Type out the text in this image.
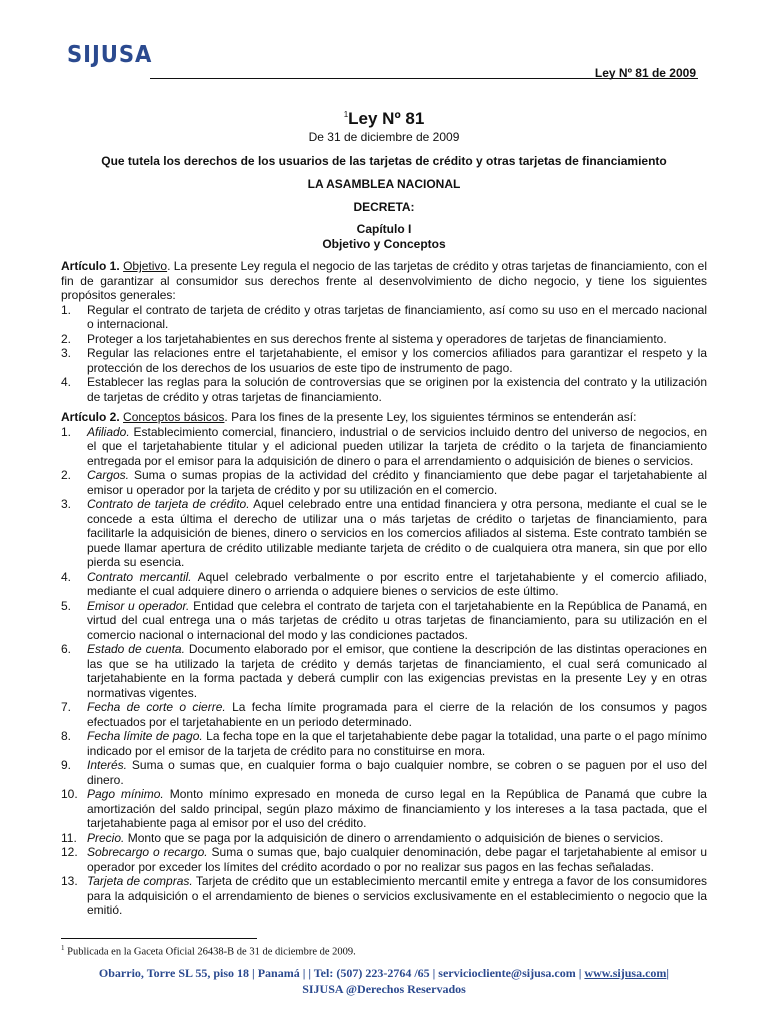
SIJUSA
Ley Nº 81 de 2009
$^1$Ley Nº 81
De 31 de diciembre de 2009
Que tutela los derechos de los usuarios de las tarjetas de crédito y otras tarjetas de financiamiento
LA ASAMBLEA NACIONAL
DECRETA:
Capítulo I
Objetivo y Conceptos

Artículo 1. Objetivo. La presente Ley regula el negocio de las tarjetas de crédito y otras tarjetas de financiamiento, con el fin de garantizar al consumidor sus derechos frente al desenvolvimiento de dicho negocio, y tiene los siguientes propósitos generales:

1.	Regular el contrato de tarjeta de crédito y otras tarjetas de financiamiento, así como su uso en el mercado nacional o internacional.
2.	Proteger a los tarjetahabientes en sus derechos frente al sistema y operadores de tarjetas de financiamiento.
3.	Regular las relaciones entre el tarjetahabiente, el emisor y los comercios afiliados para garantizar el respeto y la protección de los derechos de los usuarios de este tipo de instrumento de pago.
4.	Establecer las reglas para la solución de controversias que se originen por la existencia del contrato y la utilización de tarjetas de crédito y otras tarjetas de financiamiento.

Artículo 2. Conceptos básicos. Para los fines de la presente Ley, los siguientes términos se entenderán así:

1.	Afiliado. Establecimiento comercial, financiero, industrial o de servicios incluido dentro del universo de negocios, en el que el tarjetahabiente titular y el adicional pueden utilizar la tarjeta de crédito o la tarjeta de financiamiento entregada por el emisor para la adquisición de dinero o para el arrendamiento o adquisición de bienes o servicios.
2.	Cargos. Suma o sumas propias de la actividad del crédito y financiamiento que debe pagar el tarjetahabiente al emisor u operador por la tarjeta de crédito y por su utilización en el comercio.
3.	Contrato de tarjeta de crédito. Aquel celebrado entre una entidad financiera y otra persona, mediante el cual se le concede a esta última el derecho de utilizar una o más tarjetas de crédito o tarjetas de financiamiento, para facilitarle la adquisición de bienes, dinero o servicios en los comercios afiliados al sistema. Este contrato también se puede llamar apertura de crédito utilizable mediante tarjeta de crédito o de cualquiera otra manera, sin que por ello pierda su esencia.
4.	Contrato mercantil. Aquel celebrado verbalmente o por escrito entre el tarjetahabiente y el comercio afiliado, mediante el cual adquiere dinero o arrienda o adquiere bienes o servicios de este último.
5.	Emisor u operador. Entidad que celebra el contrato de tarjeta con el tarjetahabiente en la República de Panamá, en virtud del cual entrega una o más tarjetas de crédito u otras tarjetas de financiamiento, para su utilización en el comercio nacional o internacional del modo y las condiciones pactados.
6.	Estado de cuenta. Documento elaborado por el emisor, que contiene la descripción de las distintas operaciones en las que se ha utilizado la tarjeta de crédito y demás tarjetas de financiamiento, el cual será comunicado al tarjetahabiente en la forma pactada y deberá cumplir con las exigencias previstas en la presente Ley y en otras normativas vigentes.
7.	Fecha de corte o cierre. La fecha límite programada para el cierre de la relación de los consumos y pagos efectuados por el tarjetahabiente en un periodo determinado.
8.	Fecha límite de pago. La fecha tope en la que el tarjetahabiente debe pagar la totalidad, una parte o el pago mínimo indicado por el emisor de la tarjeta de crédito para no constituirse en mora.
9.	Interés. Suma o sumas que, en cualquier forma o bajo cualquier nombre, se cobren o se paguen por el uso del dinero.
10. Pago mínimo. Monto mínimo expresado en moneda de curso legal en la República de Panamá que cubre la amortización del saldo principal, según plazo máximo de financiamiento y los intereses a la tasa pactada, que el tarjetahabiente paga al emisor por el uso del crédito.
11. Precio. Monto que se paga por la adquisición de dinero o arrendamiento o adquisición de bienes o servicios.
12. Sobrecargo o recargo. Suma o sumas que, bajo cualquier denominación, debe pagar el tarjetahabiente al emisor u operador por exceder los límites del crédito acordado o por no realizar sus pagos en las fechas señaladas.
13. Tarjeta de compras. Tarjeta de crédito que un establecimiento mercantil emite y entrega a favor de los consumidores para la adquisición o el arrendamiento de bienes o servicios exclusivamente en el establecimiento o negocio que la emitió.
$^1$ Publicada en la Gaceta Oficial 26438-B de 31 de diciembre de 2009.
Obarrio, Torre SL 55, piso 18 | Panamá | | Tel: (507) 223-2764 /65 | serviciocliente@sijusa.com | www.sijusa.com|
SIJUSA @Derechos Reservados
